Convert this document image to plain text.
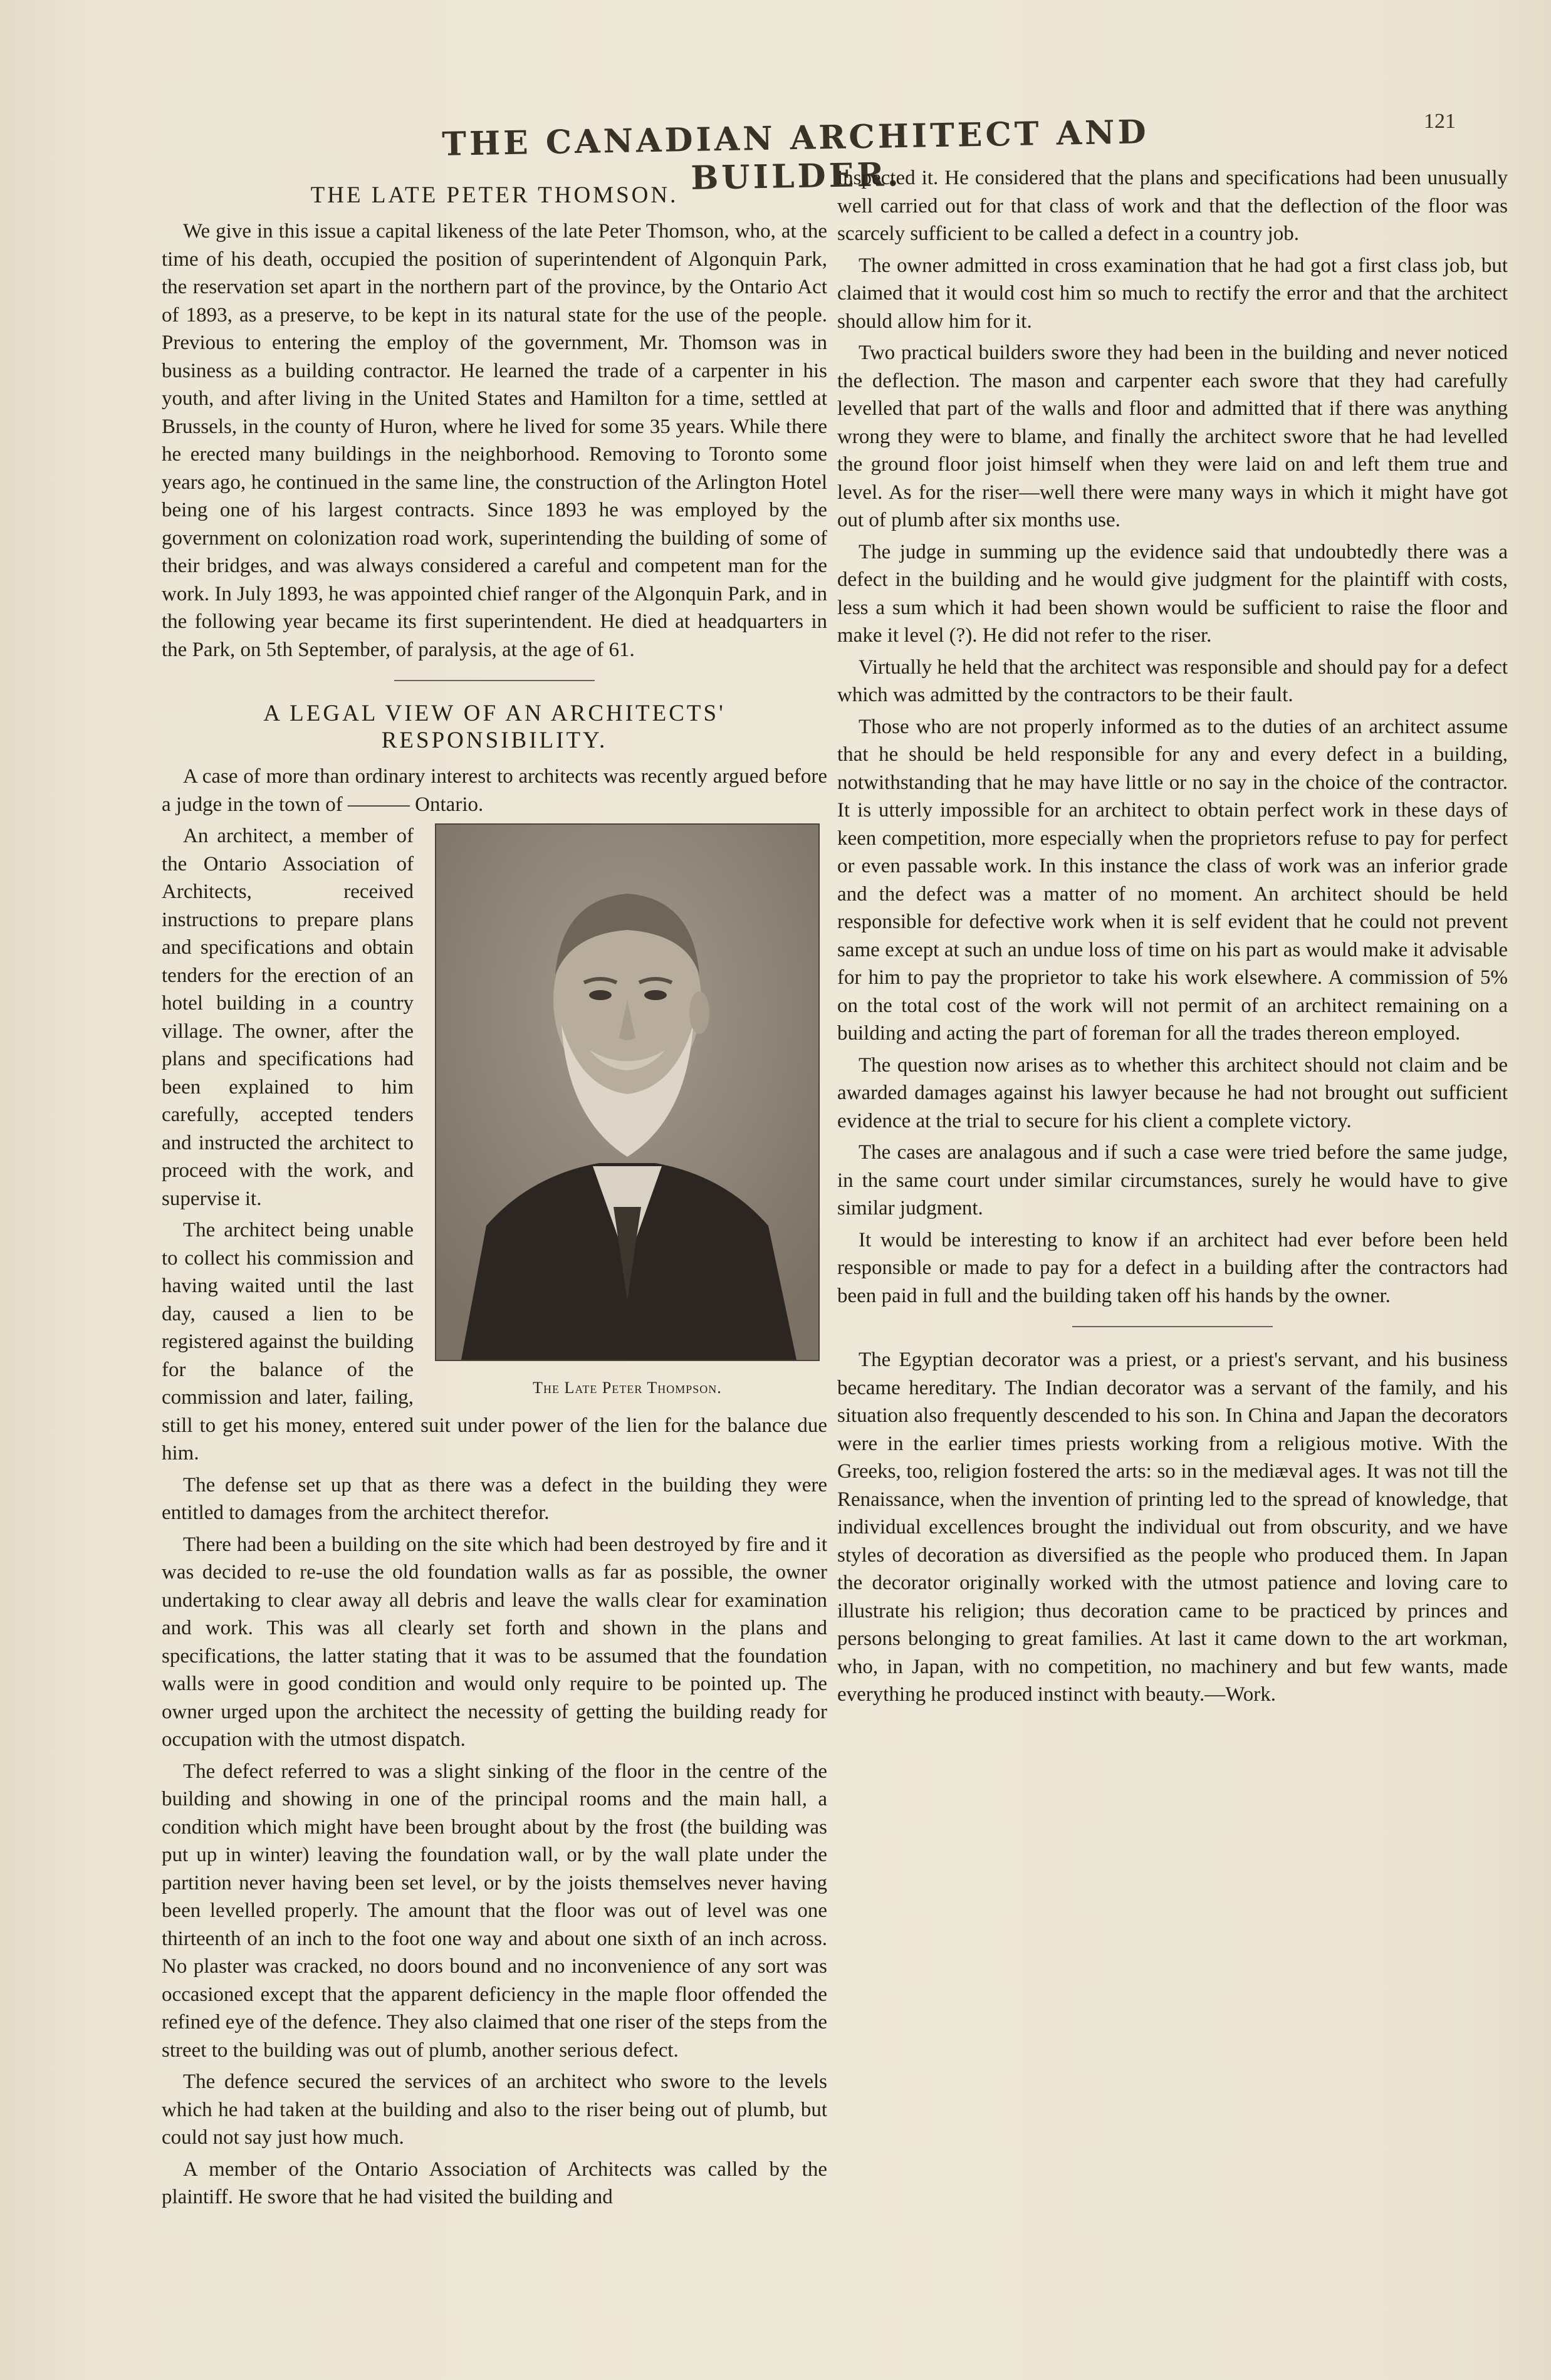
THE CANADIAN ARCHITECT AND BUILDER.
121
THE LATE PETER THOMSON.

We give in this issue a capital likeness of the late Peter Thomson, who, at the time of his death, occupied the position of superintendent of Algonquin Park, the reservation set apart in the northern part of the province, by the Ontario Act of 1893, as a preserve, to be kept in its natural state for the use of the people. Previous to entering the employ of the government, Mr. Thomson was in business as a building contractor. He learned the trade of a carpenter in his youth, and after living in the United States and Hamilton for a time, settled at Brussels, in the county of Huron, where he lived for some 35 years. While there he erected many buildings in the neighborhood. Removing to Toronto some years ago, he continued in the same line, the construction of the Arlington Hotel being one of his largest contracts. Since 1893 he was employed by the government on colonization road work, superintending the building of some of their bridges, and was always considered a careful and competent man for the work. In July 1893, he was appointed chief ranger of the Algonquin Park, and in the following year became its first superintendent. He died at headquarters in the Park, on 5th September, of paralysis, at the age of 61.

A LEGAL VIEW OF AN ARCHITECTS' RESPONSIBILITY.

A case of more than ordinary interest to architects was recently argued before a judge in the town of ——— Ontario.

The Late Peter Thompson.

An architect, a member of the Ontario Association of Architects, received instructions to prepare plans and specifications and obtain tenders for the erection of an hotel building in a country village. The owner, after the plans and specifications had been explained to him carefully, accepted tenders and instructed the architect to proceed with the work, and supervise it.

The architect being unable to collect his commission and having waited until the last day, caused a lien to be registered against the building for the balance of the commission and later, failing, still to get his money, entered suit under power of the lien for the balance due him.

The defense set up that as there was a defect in the building they were entitled to damages from the architect therefor.

There had been a building on the site which had been destroyed by fire and it was decided to re-use the old foundation walls as far as possible, the owner undertaking to clear away all debris and leave the walls clear for examination and work. This was all clearly set forth and shown in the plans and specifications, the latter stating that it was to be assumed that the foundation walls were in good condition and would only require to be pointed up. The owner urged upon the architect the necessity of getting the building ready for occupation with the utmost dispatch.

The defect referred to was a slight sinking of the floor in the centre of the building and showing in one of the principal rooms and the main hall, a condition which might have been brought about by the frost (the building was put up in winter) leaving the foundation wall, or by the wall plate under the partition never having been set level, or by the joists themselves never having been levelled properly. The amount that the floor was out of level was one thirteenth of an inch to the foot one way and about one sixth of an inch across. No plaster was cracked, no doors bound and no inconvenience of any sort was occasioned except that the apparent deficiency in the maple floor offended the refined eye of the defence. They also claimed that one riser of the steps from the street to the building was out of plumb, another serious defect.

The defence secured the services of an architect who swore to the levels which he had taken at the building and also to the riser being out of plumb, but could not say just how much.

A member of the Ontario Association of Architects was called by the plaintiff. He swore that he had visited the building and

inspected it. He considered that the plans and specifications had been unusually well carried out for that class of work and that the deflection of the floor was scarcely sufficient to be called a defect in a country job.

The owner admitted in cross examination that he had got a first class job, but claimed that it would cost him so much to rectify the error and that the architect should allow him for it.

Two practical builders swore they had been in the building and never noticed the deflection. The mason and carpenter each swore that they had carefully levelled that part of the walls and floor and admitted that if there was anything wrong they were to blame, and finally the architect swore that he had levelled the ground floor joist himself when they were laid on and left them true and level. As for the riser—well there were many ways in which it might have got out of plumb after six months use.

The judge in summing up the evidence said that undoubtedly there was a defect in the building and he would give judgment for the plaintiff with costs, less a sum which it had been shown would be sufficient to raise the floor and make it level (?). He did not refer to the riser.

Virtually he held that the architect was responsible and should pay for a defect which was admitted by the contractors to be their fault.

Those who are not properly informed as to the duties of an architect assume that he should be held responsible for any and every defect in a building, notwithstanding that he may have little or no say in the choice of the contractor. It is utterly impossible for an architect to obtain perfect work in these days of keen competition, more especially when the proprietors refuse to pay for perfect or even passable work. In this instance the class of work was an inferior grade and the defect was a matter of no moment. An architect should be held responsible for defective work when it is self evident that he could not prevent same except at such an undue loss of time on his part as would make it advisable for him to pay the proprietor to take his work elsewhere. A commission of 5% on the total cost of the work will not permit of an architect remaining on a building and acting the part of foreman for all the trades thereon employed.

The question now arises as to whether this architect should not claim and be awarded damages against his lawyer because he had not brought out sufficient evidence at the trial to secure for his client a complete victory.

The cases are analagous and if such a case were tried before the same judge, in the same court under similar circumstances, surely he would have to give similar judgment.

It would be interesting to know if an architect had ever before been held responsible or made to pay for a defect in a building after the contractors had been paid in full and the building taken off his hands by the owner.

The Egyptian decorator was a priest, or a priest's servant, and his business became hereditary. The Indian decorator was a servant of the family, and his situation also frequently descended to his son. In China and Japan the decorators were in the earlier times priests working from a religious motive. With the Greeks, too, religion fostered the arts: so in the mediæval ages. It was not till the Renaissance, when the invention of printing led to the spread of knowledge, that individual excellences brought the individual out from obscurity, and we have styles of decoration as diversified as the people who produced them. In Japan the decorator originally worked with the utmost patience and loving care to illustrate his religion; thus decoration came to be practiced by princes and persons belonging to great families. At last it came down to the art workman, who, in Japan, with no competition, no machinery and but few wants, made everything he produced instinct with beauty.—Work.
